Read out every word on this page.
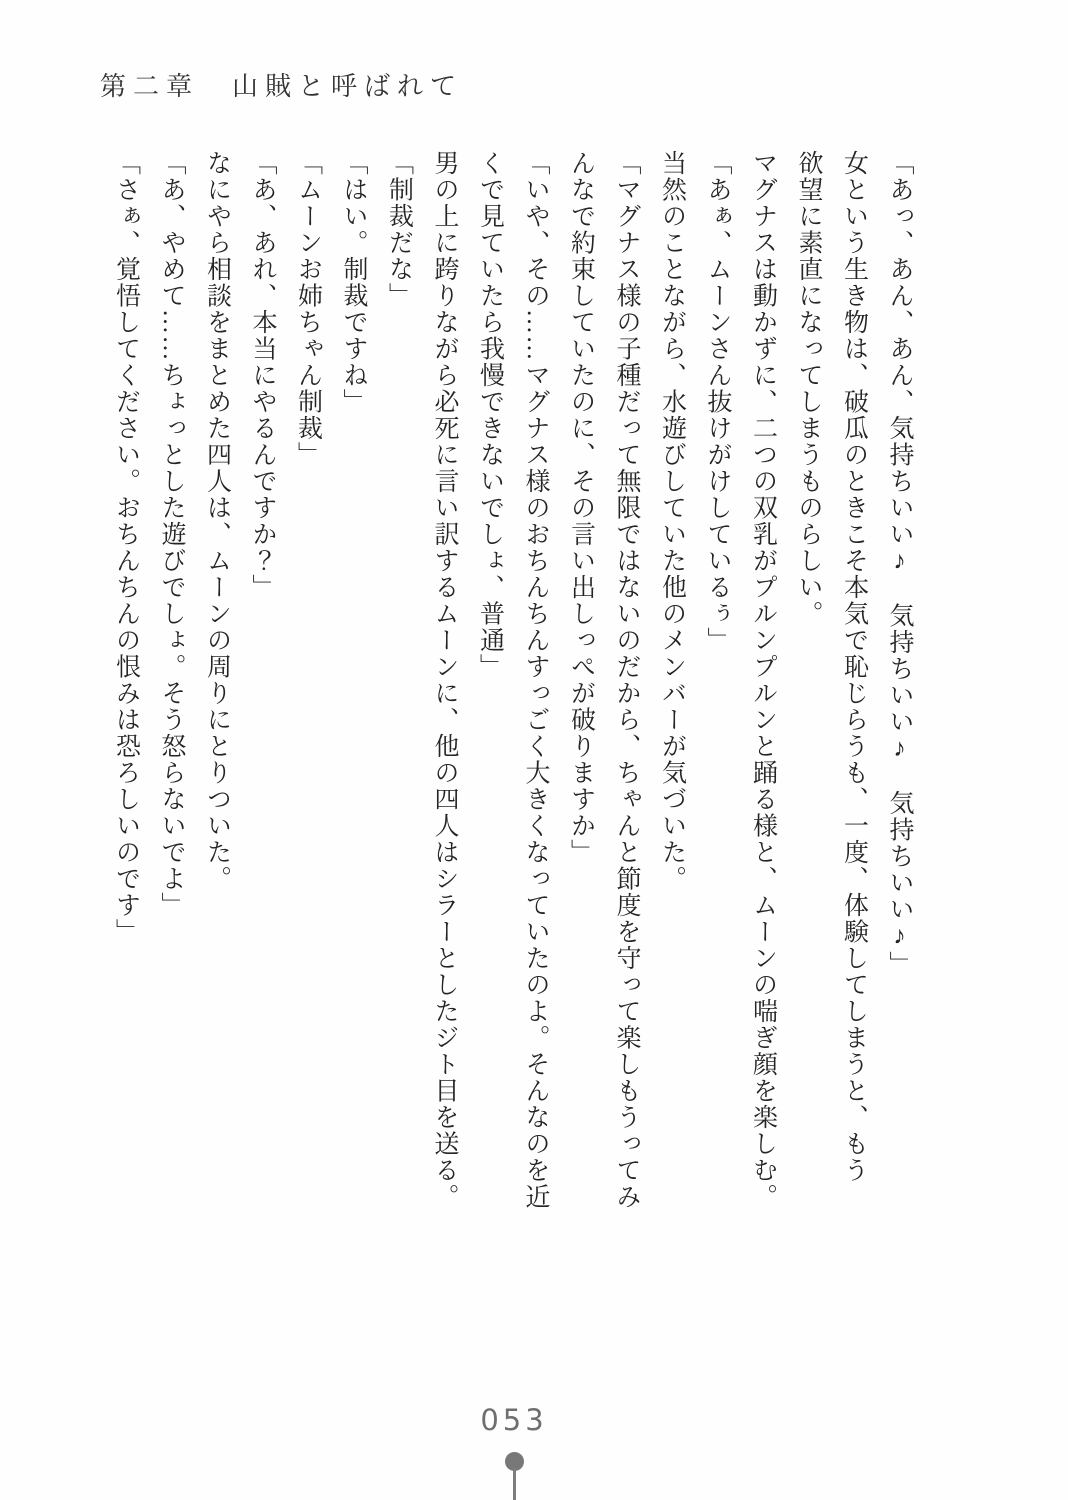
第二章　山賊と呼ばれて

「あっ、あん、あん、気持ちいい♪　気持ちいい♪　気持ちいい♪」

女という生き物は、破瓜のときこそ本気で恥じらうも、一度、体験してしまうと、もう

欲望に素直になってしまうものらしい。

マグナスは動かずに、二つの双乳がプルンプルンと踊る様と、ムーンの喘ぎ顔を楽しむ。

「あぁ、ムーンさん抜けがけしているぅ」

当然のことながら、水遊びしていた他のメンバーが気づいた。

「マグナス様の子種だって無限ではないのだから、ちゃんと節度を守って楽しもうってみ

んなで約束していたのに、その言い出しっぺが破りますか」

「いや、その……マグナス様のおちんちんすっごく大きくなっていたのよ。そんなのを近

くで見ていたら我慢できないでしょ、普通」

男の上に跨りながら必死に言い訳するムーンに、他の四人はシラーとしたジト目を送る。

「制裁だな」

「はい。制裁ですね」

「ムーンお姉ちゃん制裁」

「あ、あれ、本当にやるんですか？」

なにやら相談をまとめた四人は、ムーンの周りにとりついた。

「あ、やめて……ちょっとした遊びでしょ。そう怒らないでよ」

「さぁ、覚悟してください。おちんちんの恨みは恐ろしいのです」

053
